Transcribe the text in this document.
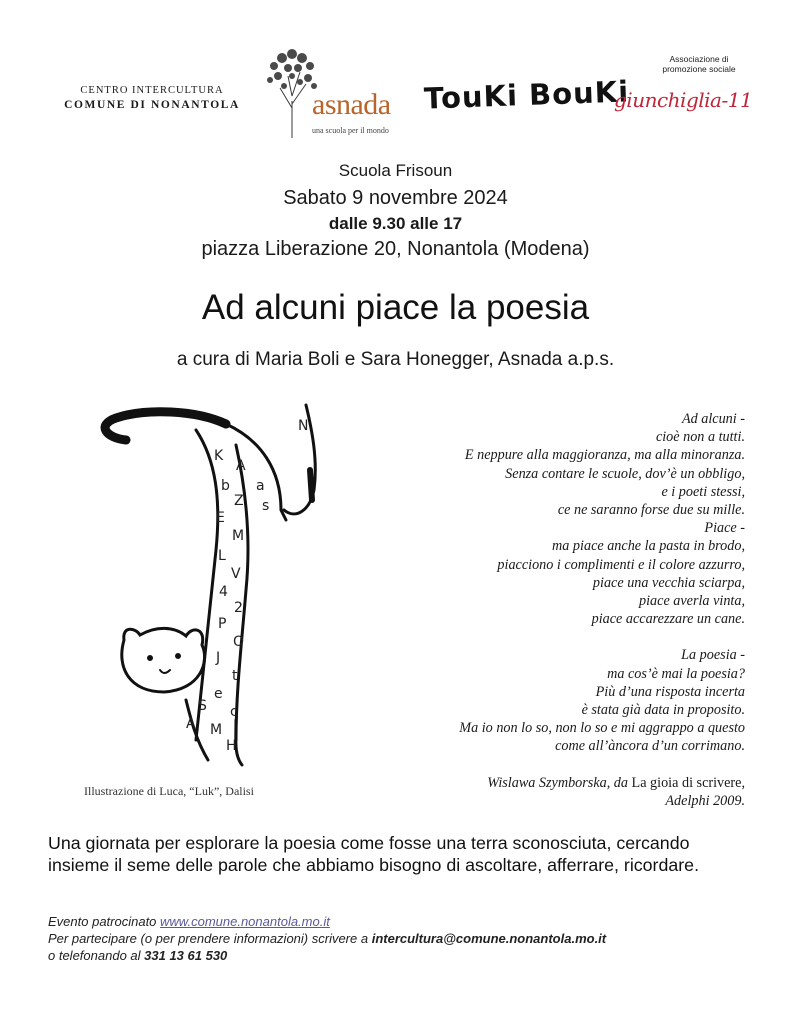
CENTRO INTERCULTURA
COMUNE DI NONANTOLA asnada
una scuola per il mondo
TouKi BouKi
Associazione di promozione sociale
giunchiglia-11
Scuola Frisoun
Sabato 9 novembre 2024
dalle 9.30 alle 17
piazza Liberazione 20, Nonantola (Modena)
Ad alcuni piace la poesia
a cura di Maria Boli e Sara Honegger, Asnada a.p.s.
K
A
b
Z
E
M
L
V
4
2
P
O
J
t
e
c
M
H
a
s
N
S
A
Illustrazione di Luca, “Luk”, Dalisi
Ad alcuni -
cioè non a tutti.
E neppure alla maggioranza, ma alla minoranza.
Senza contare le scuole, dov’è un obbligo,
e i poeti stessi,
ce ne saranno forse due su mille.
Piace -
ma piace anche la pasta in brodo,
piacciono i complimenti e il colore azzurro,
piace una vecchia sciarpa,
piace averla vinta,
piace accarezzare un cane.
La poesia -
ma cos’è mai la poesia?
Più d’una risposta incerta
è stata già data in proposito.
Ma io non lo so, non lo so e mi aggrappo a questo
come all’àncora d’un corrimano.
Wislawa Szymborska, da La gioia di scrivere,
Adelphi 2009.
Una giornata per esplorare la poesia come fosse una terra sconosciuta, cercando insieme il seme delle parole che abbiamo bisogno di ascoltare, afferrare, ricordare.
Evento patrocinato www.comune.nonantola.mo.it
Per partecipare (o per prendere informazioni) scrivere a intercultura@comune.nonantola.mo.it
o telefonando al 331 13 61 530
